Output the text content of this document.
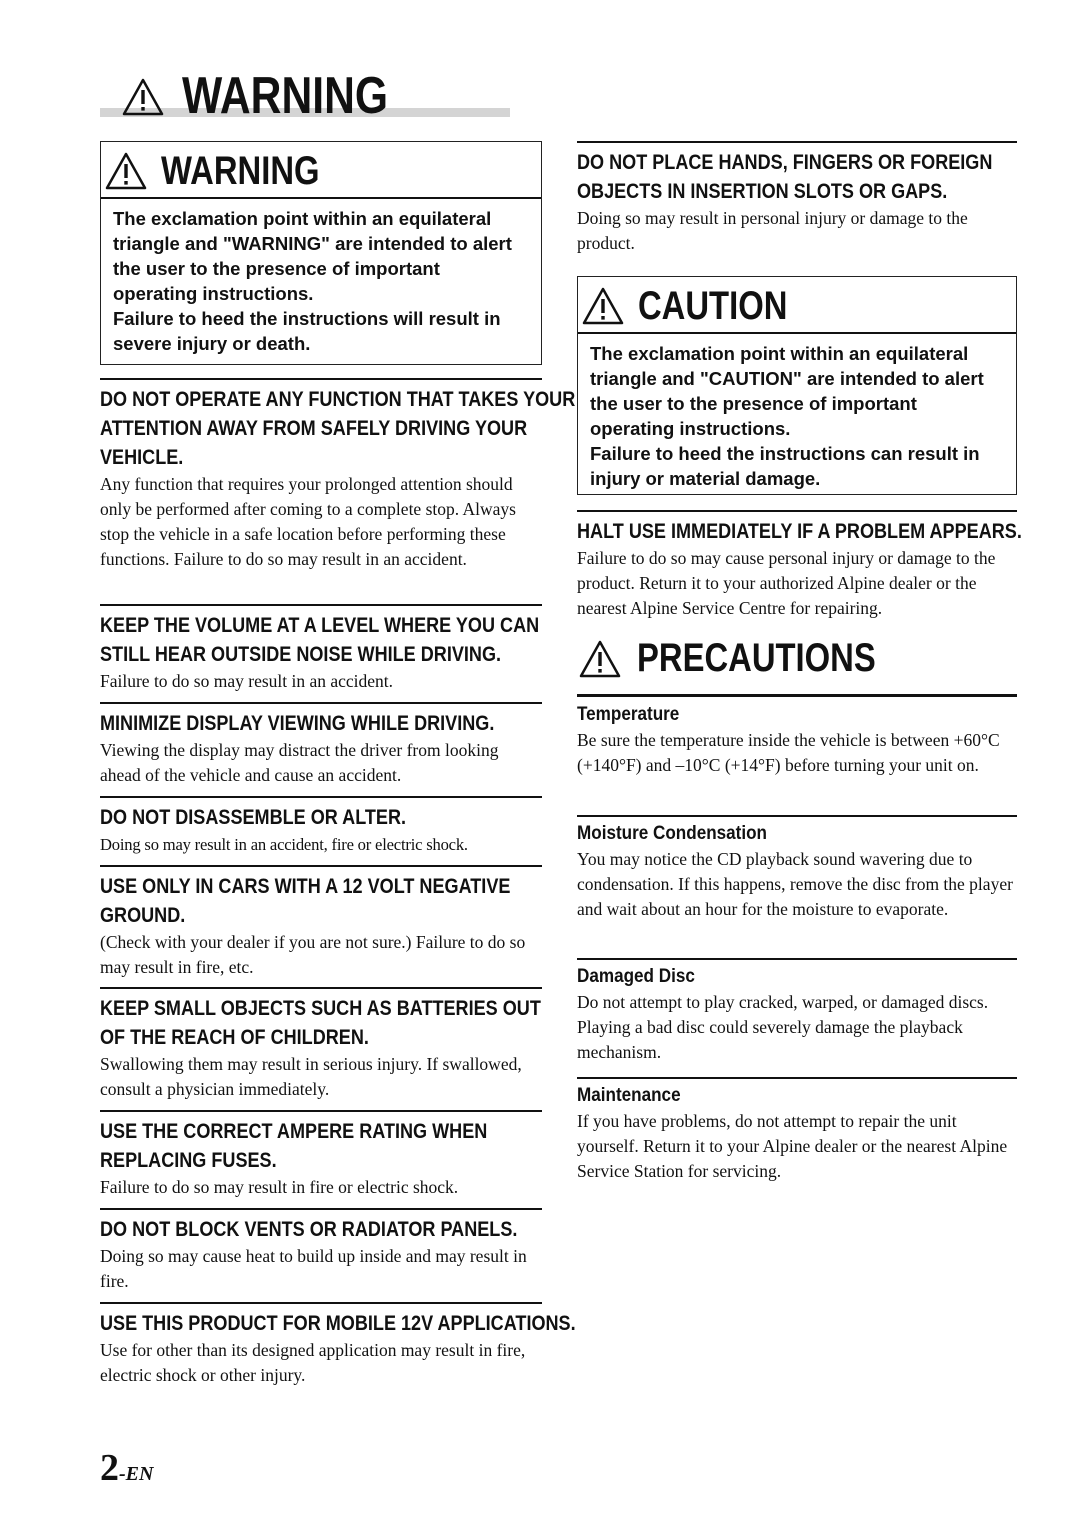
WARNING
WARNING

The exclamation point within an equilateral triangle and "WARNING" are intended to alert the user to the presence of important operating instructions.

Failure to heed the instructions will result in severe injury or death.

DO NOT OPERATE ANY FUNCTION THAT TAKES YOUR
ATTENTION AWAY FROM SAFELY DRIVING YOUR
VEHICLE.

Any function that requires your prolonged attention should only be performed after coming to a complete stop. Always stop the vehicle in a safe location before performing these functions. Failure to do so may result in an accident.

KEEP THE VOLUME AT A LEVEL WHERE YOU CAN
STILL HEAR OUTSIDE NOISE WHILE DRIVING.

Failure to do so may result in an accident.

MINIMIZE DISPLAY VIEWING WHILE DRIVING.

Viewing the display may distract the driver from looking ahead of the vehicle and cause an accident.

DO NOT DISASSEMBLE OR ALTER.

Doing so may result in an accident, fire or electric shock.

USE ONLY IN CARS WITH A 12 VOLT NEGATIVE
GROUND.

(Check with your dealer if you are not sure.) Failure to do so may result in fire, etc.

KEEP SMALL OBJECTS SUCH AS BATTERIES OUT
OF THE REACH OF CHILDREN.

Swallowing them may result in serious injury. If swallowed, consult a physician immediately.

USE THE CORRECT AMPERE RATING WHEN
REPLACING FUSES.

Failure to do so may result in fire or electric shock.

DO NOT BLOCK VENTS OR RADIATOR PANELS.

Doing so may cause heat to build up inside and may result in fire.

USE THIS PRODUCT FOR MOBILE 12V APPLICATIONS.

Use for other than its designed application may result in fire, electric shock or other injury.

DO NOT PLACE HANDS, FINGERS OR FOREIGN
OBJECTS IN INSERTION SLOTS OR GAPS.

Doing so may result in personal injury or damage to the product.

CAUTION

The exclamation point within an equilateral triangle and "CAUTION" are intended to alert the user to the presence of important operating instructions.

Failure to heed the instructions can result in injury or material damage.

HALT USE IMMEDIATELY IF A PROBLEM APPEARS.

Failure to do so may cause personal injury or damage to the product. Return it to your authorized Alpine dealer or the nearest Alpine Service Centre for repairing.

PRECAUTIONS
Temperature

Be sure the temperature inside the vehicle is between +60°C (+140°F) and –10°C (+14°F) before turning your unit on.

Moisture Condensation

You may notice the CD playback sound wavering due to condensation. If this happens, remove the disc from the player and wait about an hour for the moisture to evaporate.

Damaged Disc

Do not attempt to play cracked, warped, or damaged discs. Playing a bad disc could severely damage the playback mechanism.

Maintenance

If you have problems, do not attempt to repair the unit yourself. Return it to your Alpine dealer or the nearest Alpine Service Station for servicing.

2-EN
